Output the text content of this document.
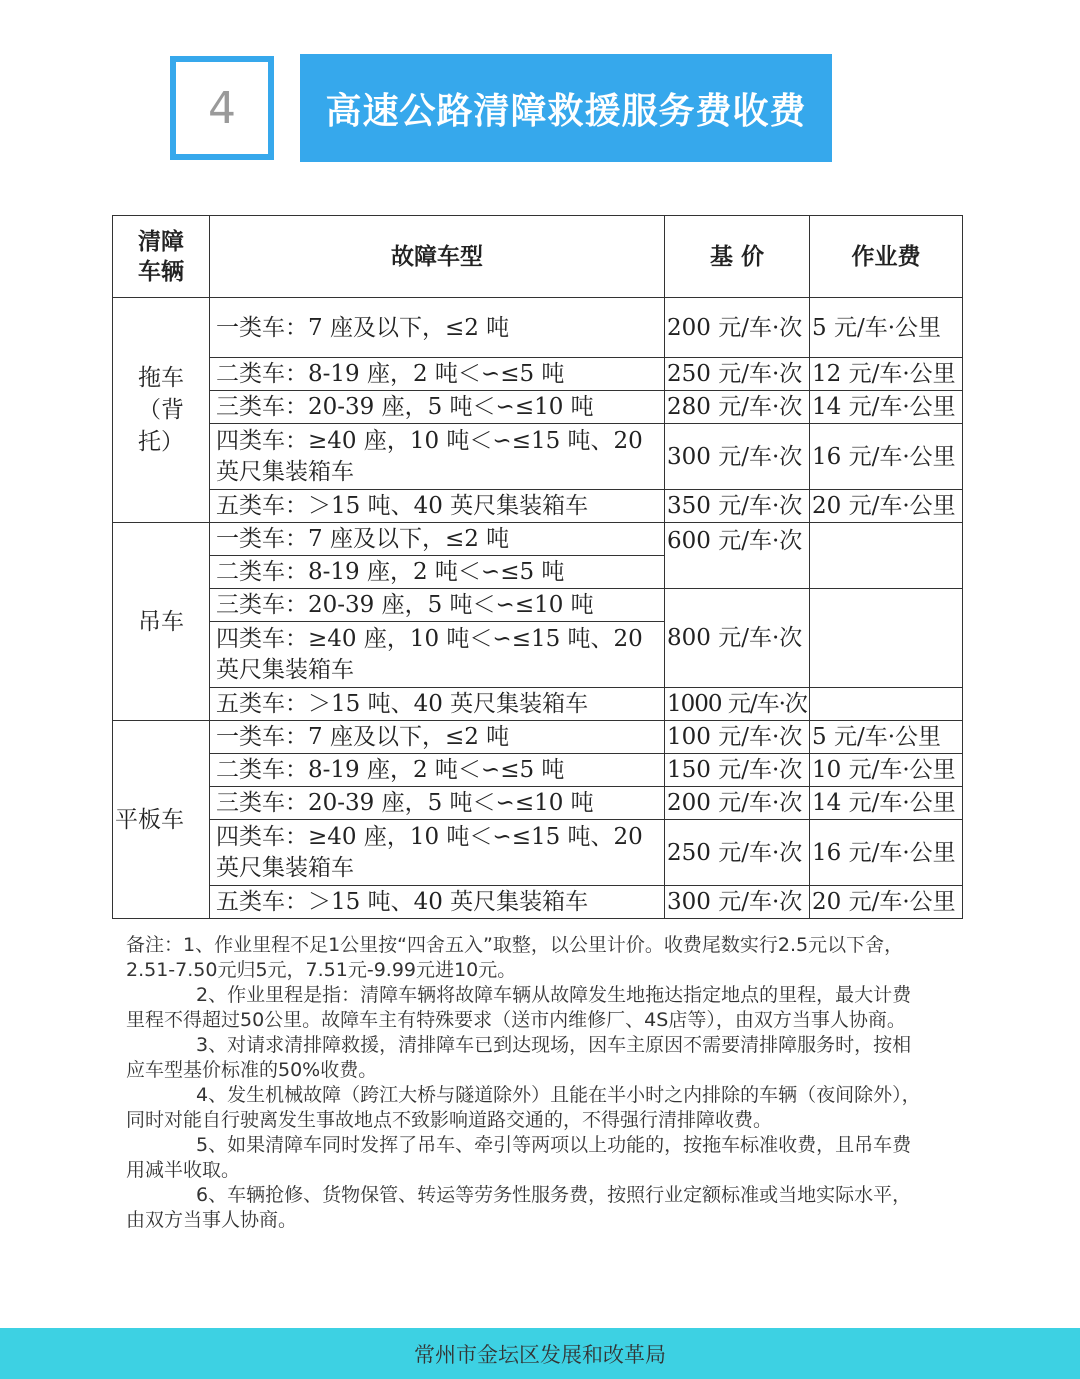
4	高速公路清障救援服务费收费
清障车辆	故障车型	基 价	作业费
拖车（背托）	一类车：7 座及以下，≤2 吨	200 元/车·次	5 元/车·公里
	二类车：8-19 座，2 吨＜∽≤5 吨	250 元/车·次	12 元/车·公里
	三类车：20-39 座，5 吨＜∽≤10 吨	280 元/车·次	14 元/车·公里
	四类车：≥40 座，10 吨＜∽≤15 吨、20 英尺集装箱车	300 元/车·次	16 元/车·公里
	五类车：＞15 吨、40 英尺集装箱车	350 元/车·次	20 元/车·公里
吊车	一类车：7 座及以下，≤2 吨	600 元/车·次	
	二类车：8-19 座，2 吨＜∽≤5 吨		
	三类车：20-39 座，5 吨＜∽≤10 吨	800 元/车·次	
	四类车：≥40 座，10 吨＜∽≤15 吨、20 英尺集装箱车		
	五类车：＞15 吨、40 英尺集装箱车	1000 元/车·次	
平板车	一类车：7 座及以下，≤2 吨	100 元/车·次	5 元/车·公里
	二类车：8-19 座，2 吨＜∽≤5 吨	150 元/车·次	10 元/车·公里
	三类车：20-39 座，5 吨＜∽≤10 吨	200 元/车·次	14 元/车·公里
	四类车：≥40 座，10 吨＜∽≤15 吨、20 英尺集装箱车	250 元/车·次	16 元/车·公里
	五类车：＞15 吨、40 英尺集装箱车	300 元/车·次	20 元/车·公里

备注：1、作业里程不足1公里按“四舍五入”取整，以公里计价。收费尾数实行2.5元以下舍，2.51-7.50元归5元，7.51元-9.99元进10元。

2、作业里程是指：清障车辆将故障车辆从故障发生地拖达指定地点的里程，最大计费里程不得超过50公里。故障车主有特殊要求（送市内维修厂、4S店等），由双方当事人协商。

3、对请求清排障救援，清排障车已到达现场，因车主原因不需要清排障服务时，按相应车型基价标准的50%收费。

4、发生机械故障（跨江大桥与隧道除外）且能在半小时之内排除的车辆（夜间除外），同时对能自行驶离发生事故地点不致影响道路交通的，不得强行清排障收费。

5、如果清障车同时发挥了吊车、牵引等两项以上功能的，按拖车标准收费，且吊车费用减半收取。

6、车辆抢修、货物保管、转运等劳务性服务费，按照行业定额标准或当地实际水平，由双方当事人协商。

常州市金坛区发展和改革局
